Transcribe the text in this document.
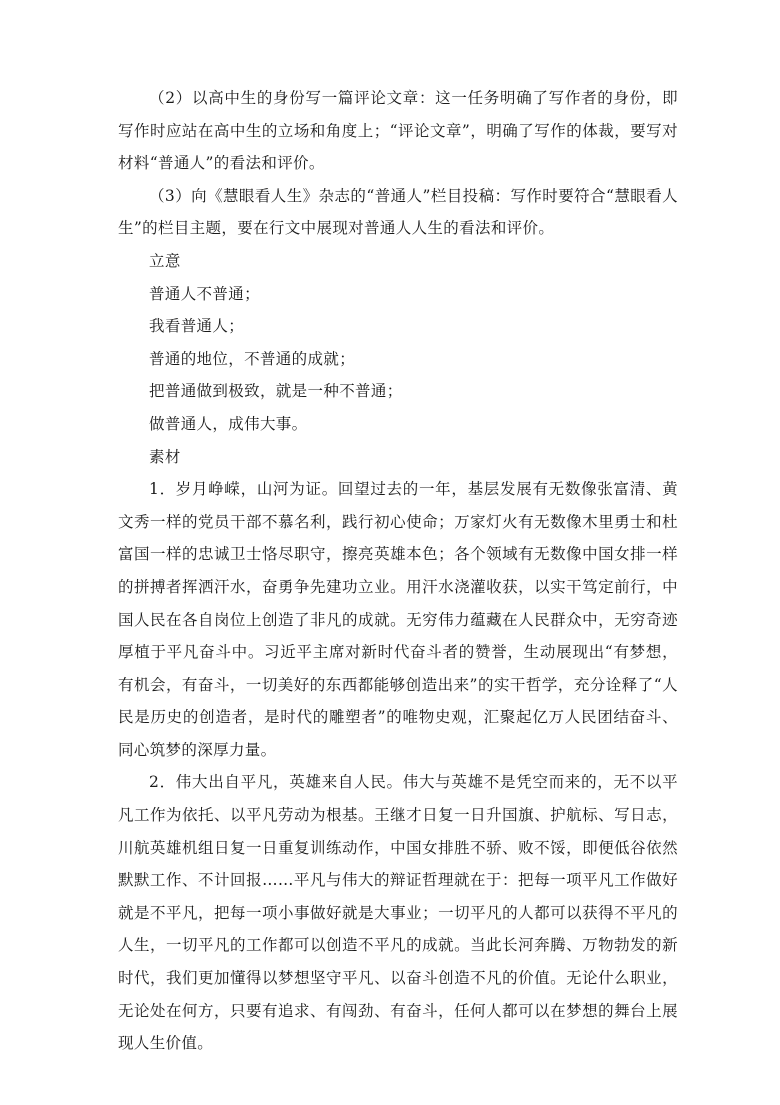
（2）以高中生的身份写一篇评论文章：这一任务明确了写作者的身份，即写作时应站在高中生的立场和角度上；“评论文章”，明确了写作的体裁，要写对材料“普通人”的看法和评价。

（3）向《慧眼看人生》杂志的“普通人”栏目投稿：写作时要符合“慧眼看人生”的栏目主题，要在行文中展现对普通人人生的看法和评价。

立意

普通人不普通；

我看普通人；

普通的地位，不普通的成就；

把普通做到极致，就是一种不普通；

做普通人，成伟大事。

素材

1．岁月峥嵘，山河为证。回望过去的一年，基层发展有无数像张富清、黄文秀一样的党员干部不慕名利，践行初心使命；万家灯火有无数像木里勇士和杜富国一样的忠诚卫士恪尽职守，擦亮英雄本色；各个领域有无数像中国女排一样的拼搏者挥洒汗水，奋勇争先建功立业。用汗水浇灌收获，以实干笃定前行，中国人民在各自岗位上创造了非凡的成就。无穷伟力蕴藏在人民群众中，无穷奇迹厚植于平凡奋斗中。习近平主席对新时代奋斗者的赞誉，生动展现出“有梦想，有机会，有奋斗，一切美好的东西都能够创造出来”的实干哲学，充分诠释了“人民是历史的创造者，是时代的雕塑者”的唯物史观，汇聚起亿万人民团结奋斗、同心筑梦的深厚力量。

2．伟大出自平凡，英雄来自人民。伟大与英雄不是凭空而来的，无不以平凡工作为依托、以平凡劳动为根基。王继才日复一日升国旗、护航标、写日志，川航英雄机组日复一日重复训练动作，中国女排胜不骄、败不馁，即便低谷依然默默工作、不计回报……平凡与伟大的辩证哲理就在于：把每一项平凡工作做好就是不平凡，把每一项小事做好就是大事业；一切平凡的人都可以获得不平凡的人生，一切平凡的工作都可以创造不平凡的成就。当此长河奔腾、万物勃发的新时代，我们更加懂得以梦想坚守平凡、以奋斗创造不凡的价值。无论什么职业，无论处在何方，只要有追求、有闯劲、有奋斗，任何人都可以在梦想的舞台上展现人生价值。
